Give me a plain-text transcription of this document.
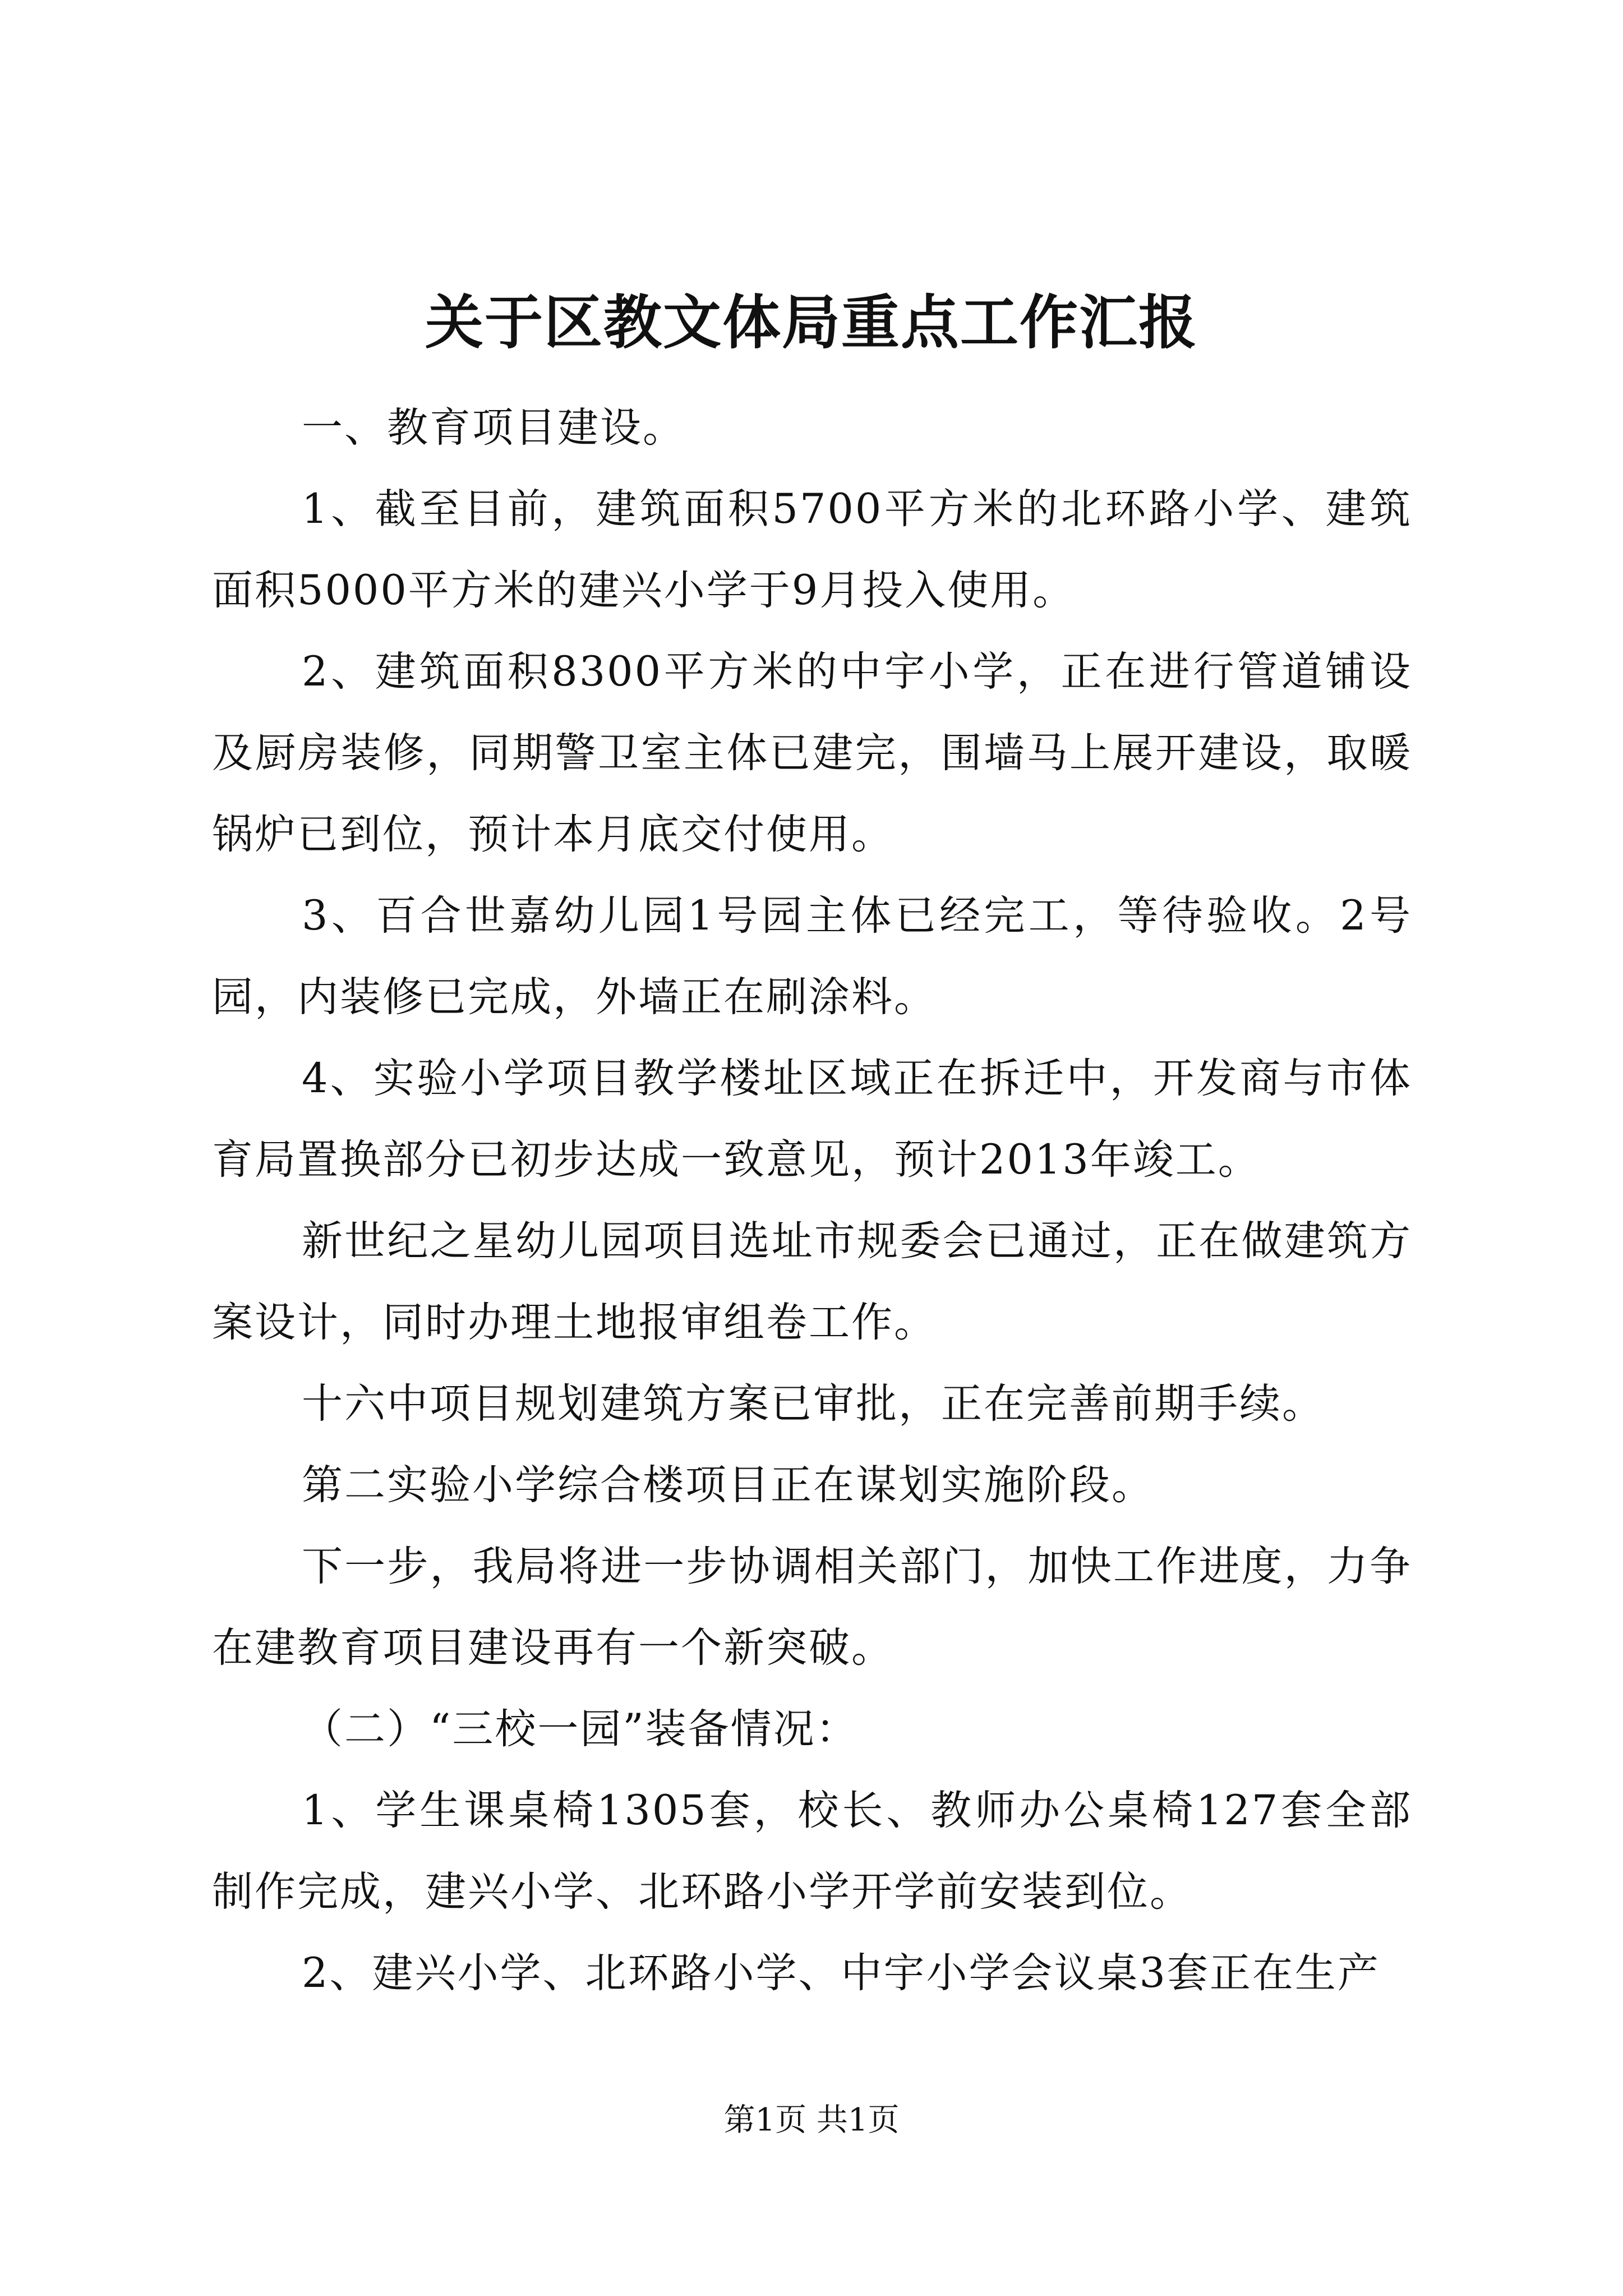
关于区教文体局重点工作汇报

一、教育项目建设。

1、截至目前，建筑面积5700平方米的北环路小学、建筑面积5000平方米的建兴小学于9月投入使用。

2、建筑面积8300平方米的中宇小学，正在进行管道铺设及厨房装修，同期警卫室主体已建完，围墙马上展开建设，取暖锅炉已到位，预计本月底交付使用。

3、百合世嘉幼儿园1号园主体已经完工，等待验收。2号园，内装修已完成，外墙正在刷涂料。

4、实验小学项目教学楼址区域正在拆迁中，开发商与市体育局置换部分已初步达成一致意见，预计2013年竣工。

新世纪之星幼儿园项目选址市规委会已通过，正在做建筑方案设计，同时办理土地报审组卷工作。

十六中项目规划建筑方案已审批，正在完善前期手续。

第二实验小学综合楼项目正在谋划实施阶段。

下一步，我局将进一步协调相关部门，加快工作进度，力争在建教育项目建设再有一个新突破。

（二）“三校一园”装备情况：

1、学生课桌椅1305套，校长、教师办公桌椅127套全部制作完成，建兴小学、北环路小学开学前安装到位。

2、建兴小学、北环路小学、中宇小学会议桌3套正在生产

第1页 共1页
